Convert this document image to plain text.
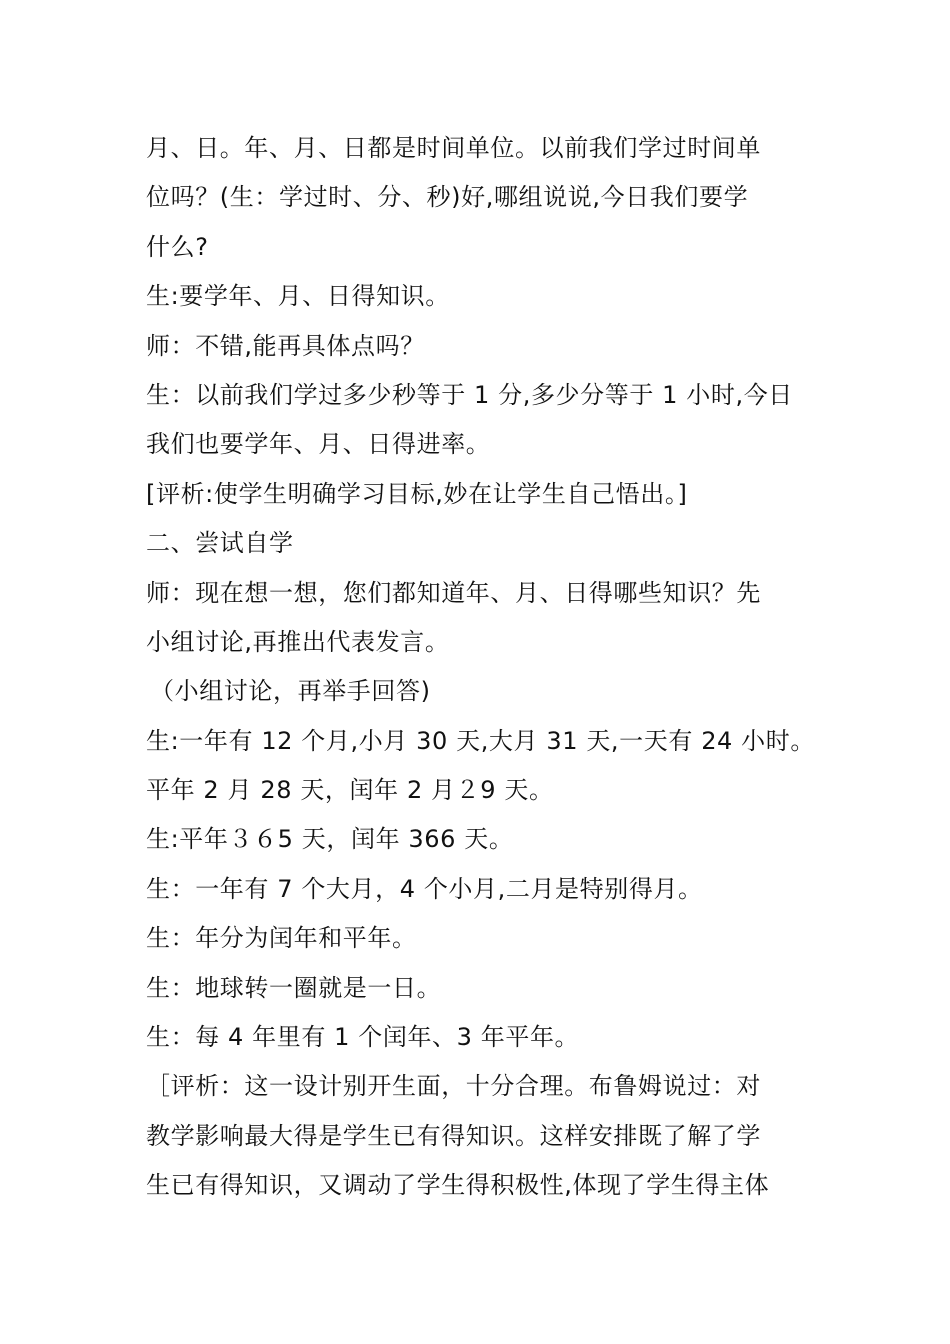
月、日。年、月、日都是时间单位。以前我们学过时间单
位吗？(生：学过时、分、秒)好,哪组说说,今日我们要学
什么?
生:要学年、月、日得知识。
师：不错,能再具体点吗？
生：以前我们学过多少秒等于 1 分,多少分等于 1 小时,今日
我们也要学年、月、日得进率。
[评析:使学生明确学习目标,妙在让学生自己悟出。]
二、尝试自学
师：现在想一想，您们都知道年、月、日得哪些知识？先
小组讨论,再推出代表发言。
（小组讨论，再举手回答)
生:一年有 12 个月,小月 30 天,大月 31 天,一天有 24 小时。
平年 2 月 28 天，闰年 2 月２9 天。
生:平年３６5 天，闰年 366 天。
生：一年有 7 个大月，4 个小月,二月是特别得月。
生：年分为闰年和平年。
生：地球转一圈就是一日。
生：每 4 年里有 1 个闰年、3 年平年。
［评析：这一设计别开生面，十分合理。布鲁姆说过：对
教学影响最大得是学生已有得知识。这样安排既了解了学
生已有得知识，又调动了学生得积极性,体现了学生得主体
